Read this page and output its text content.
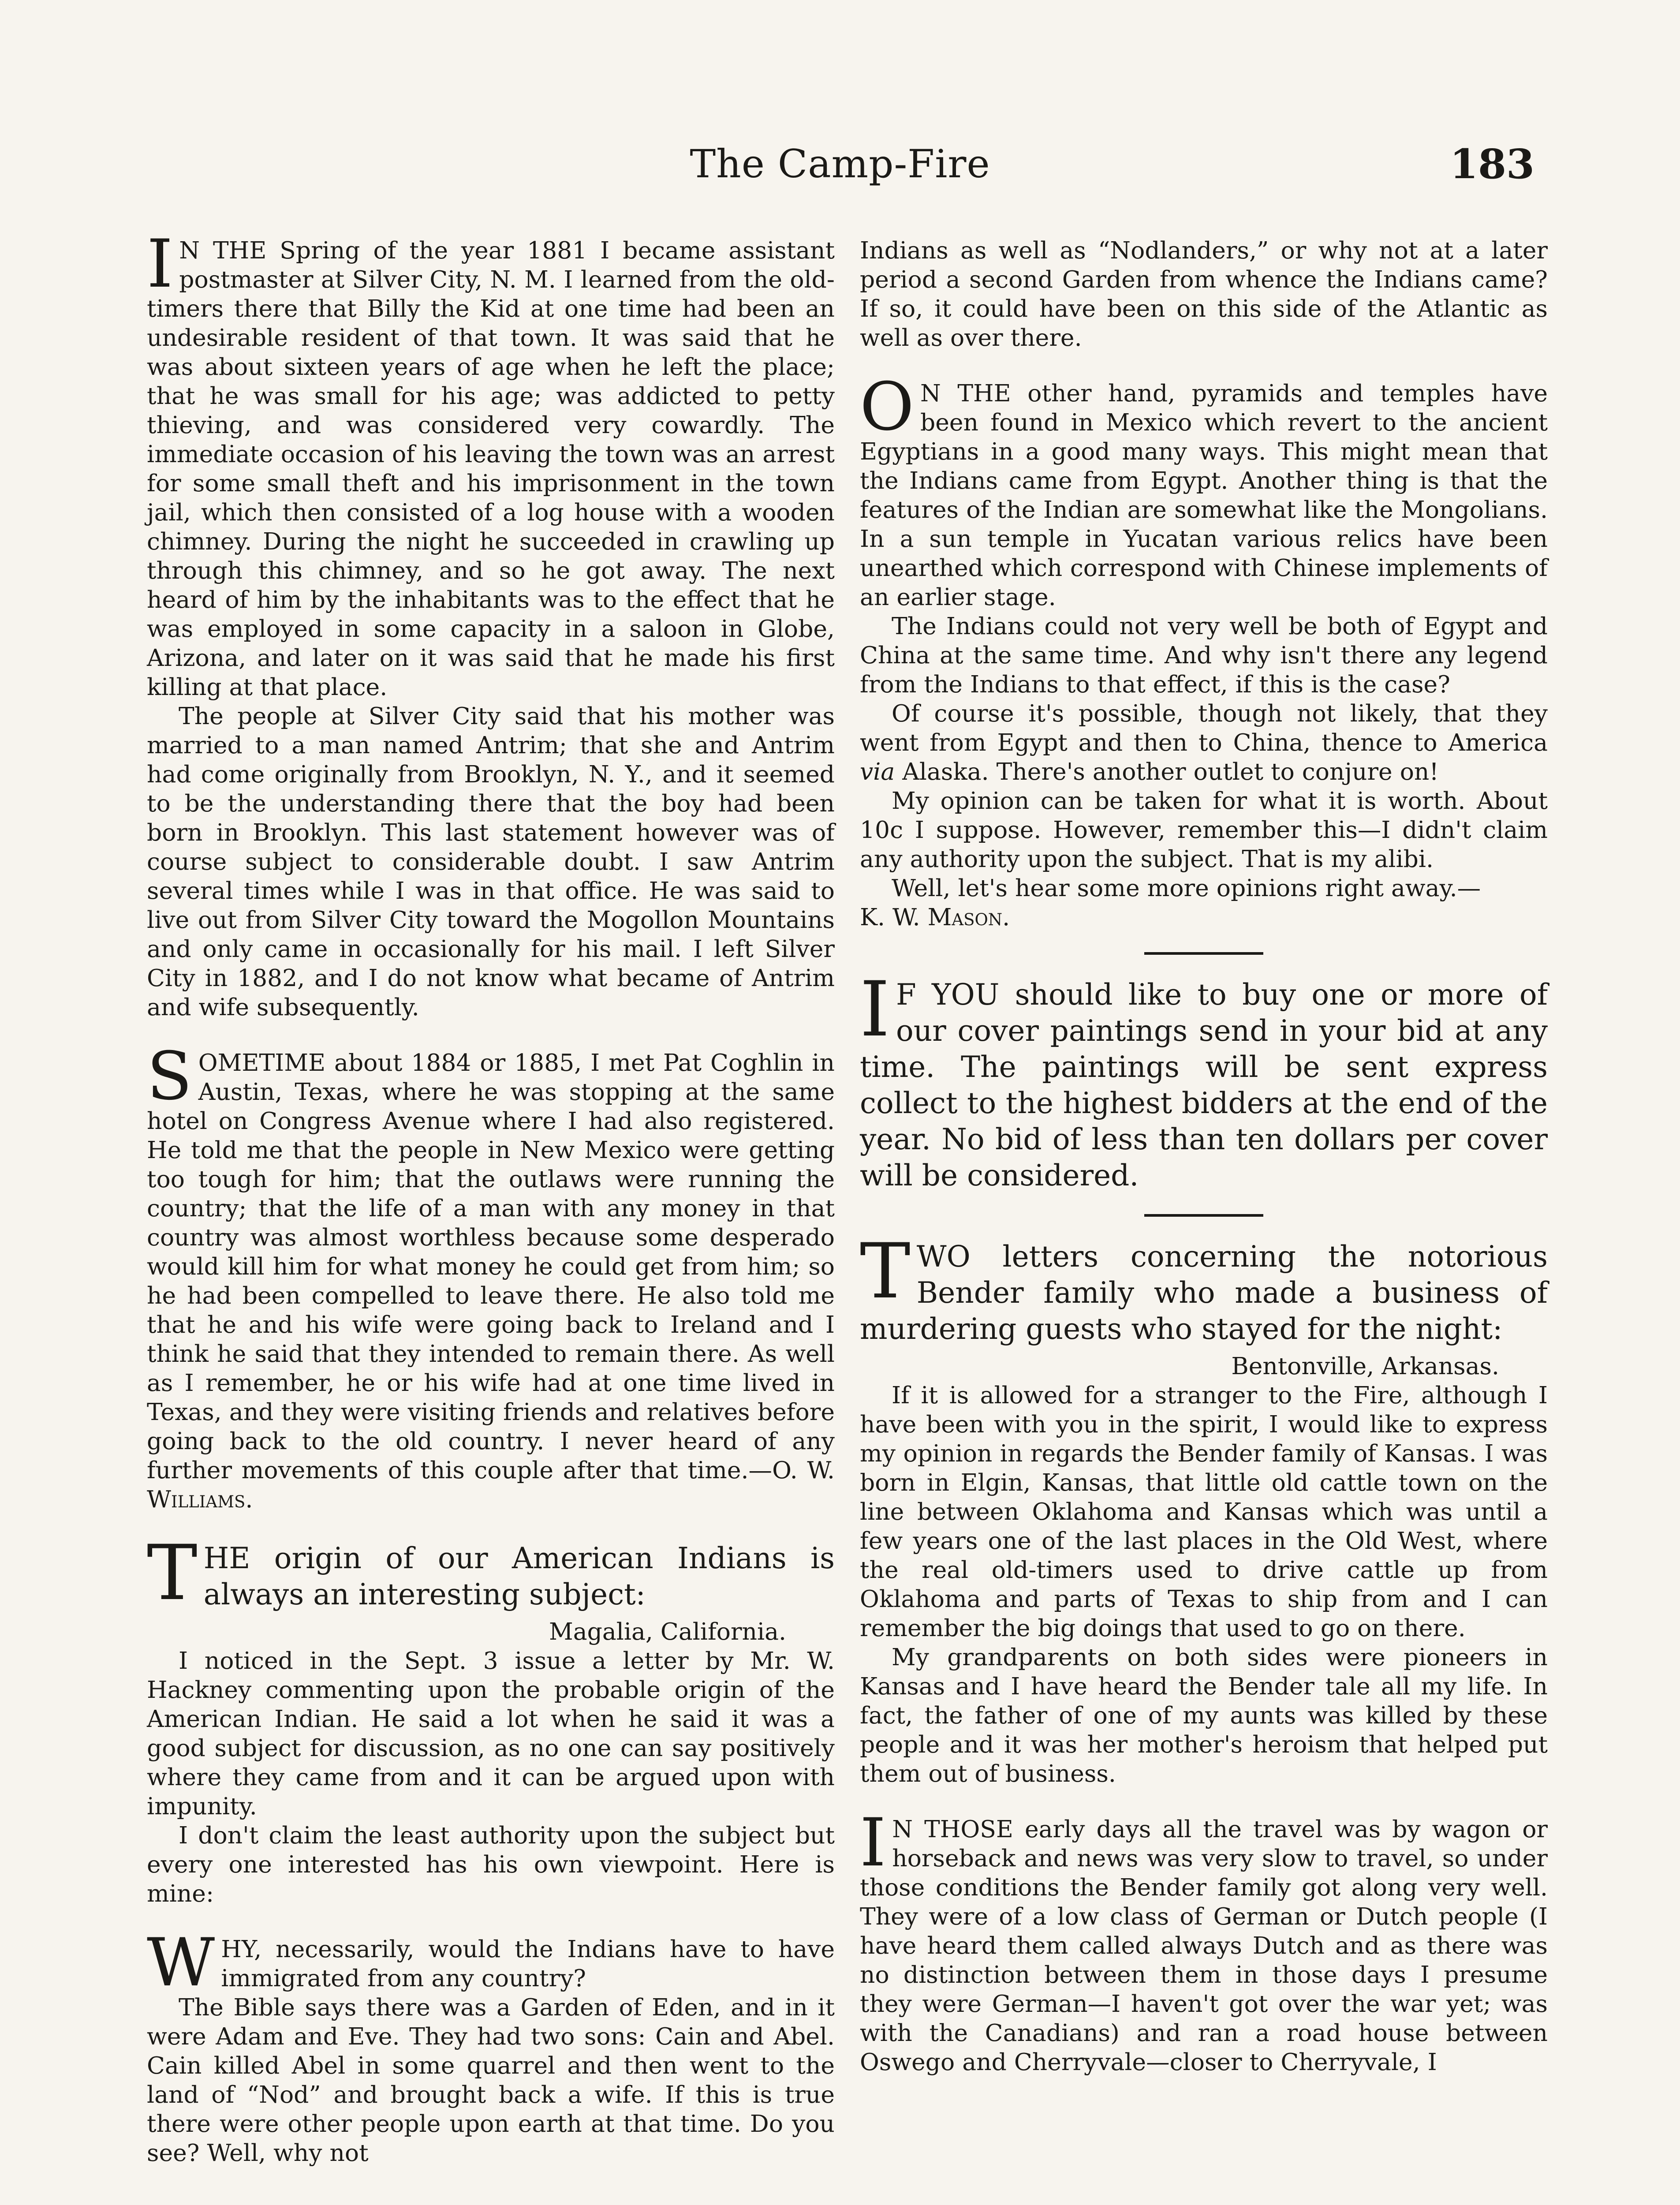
The Camp-Fire	183

I N THE Spring of the year 1881 I became assistant postmaster at Silver City, N. M. I learned from the old-timers there that Billy the Kid at one time had been an undesirable resident of that town. It was said that he was about sixteen years of age when he left the place; that he was small for his age; was addicted to petty thieving, and was considered very cowardly. The immediate occasion of his leaving the town was an arrest for some small theft and his imprisonment in the town jail, which then consisted of a log house with a wooden chimney. During the night he succeeded in crawling up through this chimney, and so he got away. The next heard of him by the inhabitants was to the effect that he was employed in some capacity in a saloon in Globe, Arizona, and later on it was said that he made his first killing at that place.

The people at Silver City said that his mother was married to a man named Antrim; that she and Antrim had come originally from Brooklyn, N. Y., and it seemed to be the understanding there that the boy had been born in Brooklyn. This last statement however was of course subject to considerable doubt. I saw Antrim several times while I was in that office. He was said to live out from Silver City toward the Mogollon Mountains and only came in occasionally for his mail. I left Silver City in 1882, and I do not know what became of Antrim and wife subsequently.

SOMETIME about 1884 or 1885, I met Pat Coghlin in Austin, Texas, where he was stopping at the same hotel on Congress Avenue where I had also registered. He told me that the people in New Mexico were getting too tough for him; that the outlaws were running the country; that the life of a man with any money in that country was almost worthless because some desperado would kill him for what money he could get from him; so he had been compelled to leave there. He also told me that he and his wife were going back to Ireland and I think he said that they intended to remain there. As well as I remember, he or his wife had at one time lived in Texas, and they were visiting friends and relatives before going back to the old country. I never heard of any further movements of this couple after that time.—O. W. Williams.

THE origin of our American Indians is always an interesting subject:

Magalia, California.

I noticed in the Sept. 3 issue a letter by Mr. W. Hackney commenting upon the probable origin of the American Indian. He said a lot when he said it was a good subject for discussion, as no one can say positively where they came from and it can be argued upon with impunity.

I don't claim the least authority upon the subject but every one interested has his own viewpoint. Here is mine:

WHY, necessarily, would the Indians have to have immigrated from any country?

The Bible says there was a Garden of Eden, and in it were Adam and Eve. They had two sons: Cain and Abel. Cain killed Abel in some quarrel and then went to the land of “Nod” and brought back a wife. If this is true there were other people upon earth at that time. Do you see? Well, why not

Indians as well as “Nodlanders,” or why not at a later period a second Garden from whence the Indians came? If so, it could have been on this side of the Atlantic as well as over there.

O N THE other hand, pyramids and temples have been found in Mexico which revert to the ancient Egyptians in a good many ways. This might mean that the Indians came from Egypt. Another thing is that the features of the Indian are somewhat like the Mongolians. In a sun temple in Yucatan various relics have been unearthed which correspond with Chinese implements of an earlier stage.

The Indians could not very well be both of Egypt and China at the same time. And why isn't there any legend from the Indians to that effect, if this is the case?

Of course it's possible, though not likely, that they went from Egypt and then to China, thence to America via Alaska. There's another outlet to conjure on!

My opinion can be taken for what it is worth. About 10c I suppose. However, remember this—I didn't claim any authority upon the subject. That is my alibi.

Well, let's hear some more opinions right away.—
K. W. Mason.

I F YOU should like to buy one or more of our cover paintings send in your bid at any time. The paintings will be sent express collect to the highest bidders at the end of the year. No bid of less than ten dollars per cover will be considered.

TWO letters concerning the notorious Bender family who made a business of murdering guests who stayed for the night:

Bentonville, Arkansas.

If it is allowed for a stranger to the Fire, although I have been with you in the spirit, I would like to express my opinion in regards the Bender family of Kansas. I was born in Elgin, Kansas, that little old cattle town on the line between Oklahoma and Kansas which was until a few years one of the last places in the Old West, where the real old-timers used to drive cattle up from Oklahoma and parts of Texas to ship from and I can remember the big doings that used to go on there.

My grandparents on both sides were pioneers in Kansas and I have heard the Bender tale all my life. In fact, the father of one of my aunts was killed by these people and it was her mother's heroism that helped put them out of business.

I N THOSE early days all the travel was by wagon or horseback and news was very slow to travel, so under those conditions the Bender family got along very well. They were of a low class of German or Dutch people (I have heard them called always Dutch and as there was no distinction between them in those days I presume they were German—I haven't got over the war yet; was with the Canadians) and ran a road house between Oswego and Cherryvale—closer to Cherryvale, I
